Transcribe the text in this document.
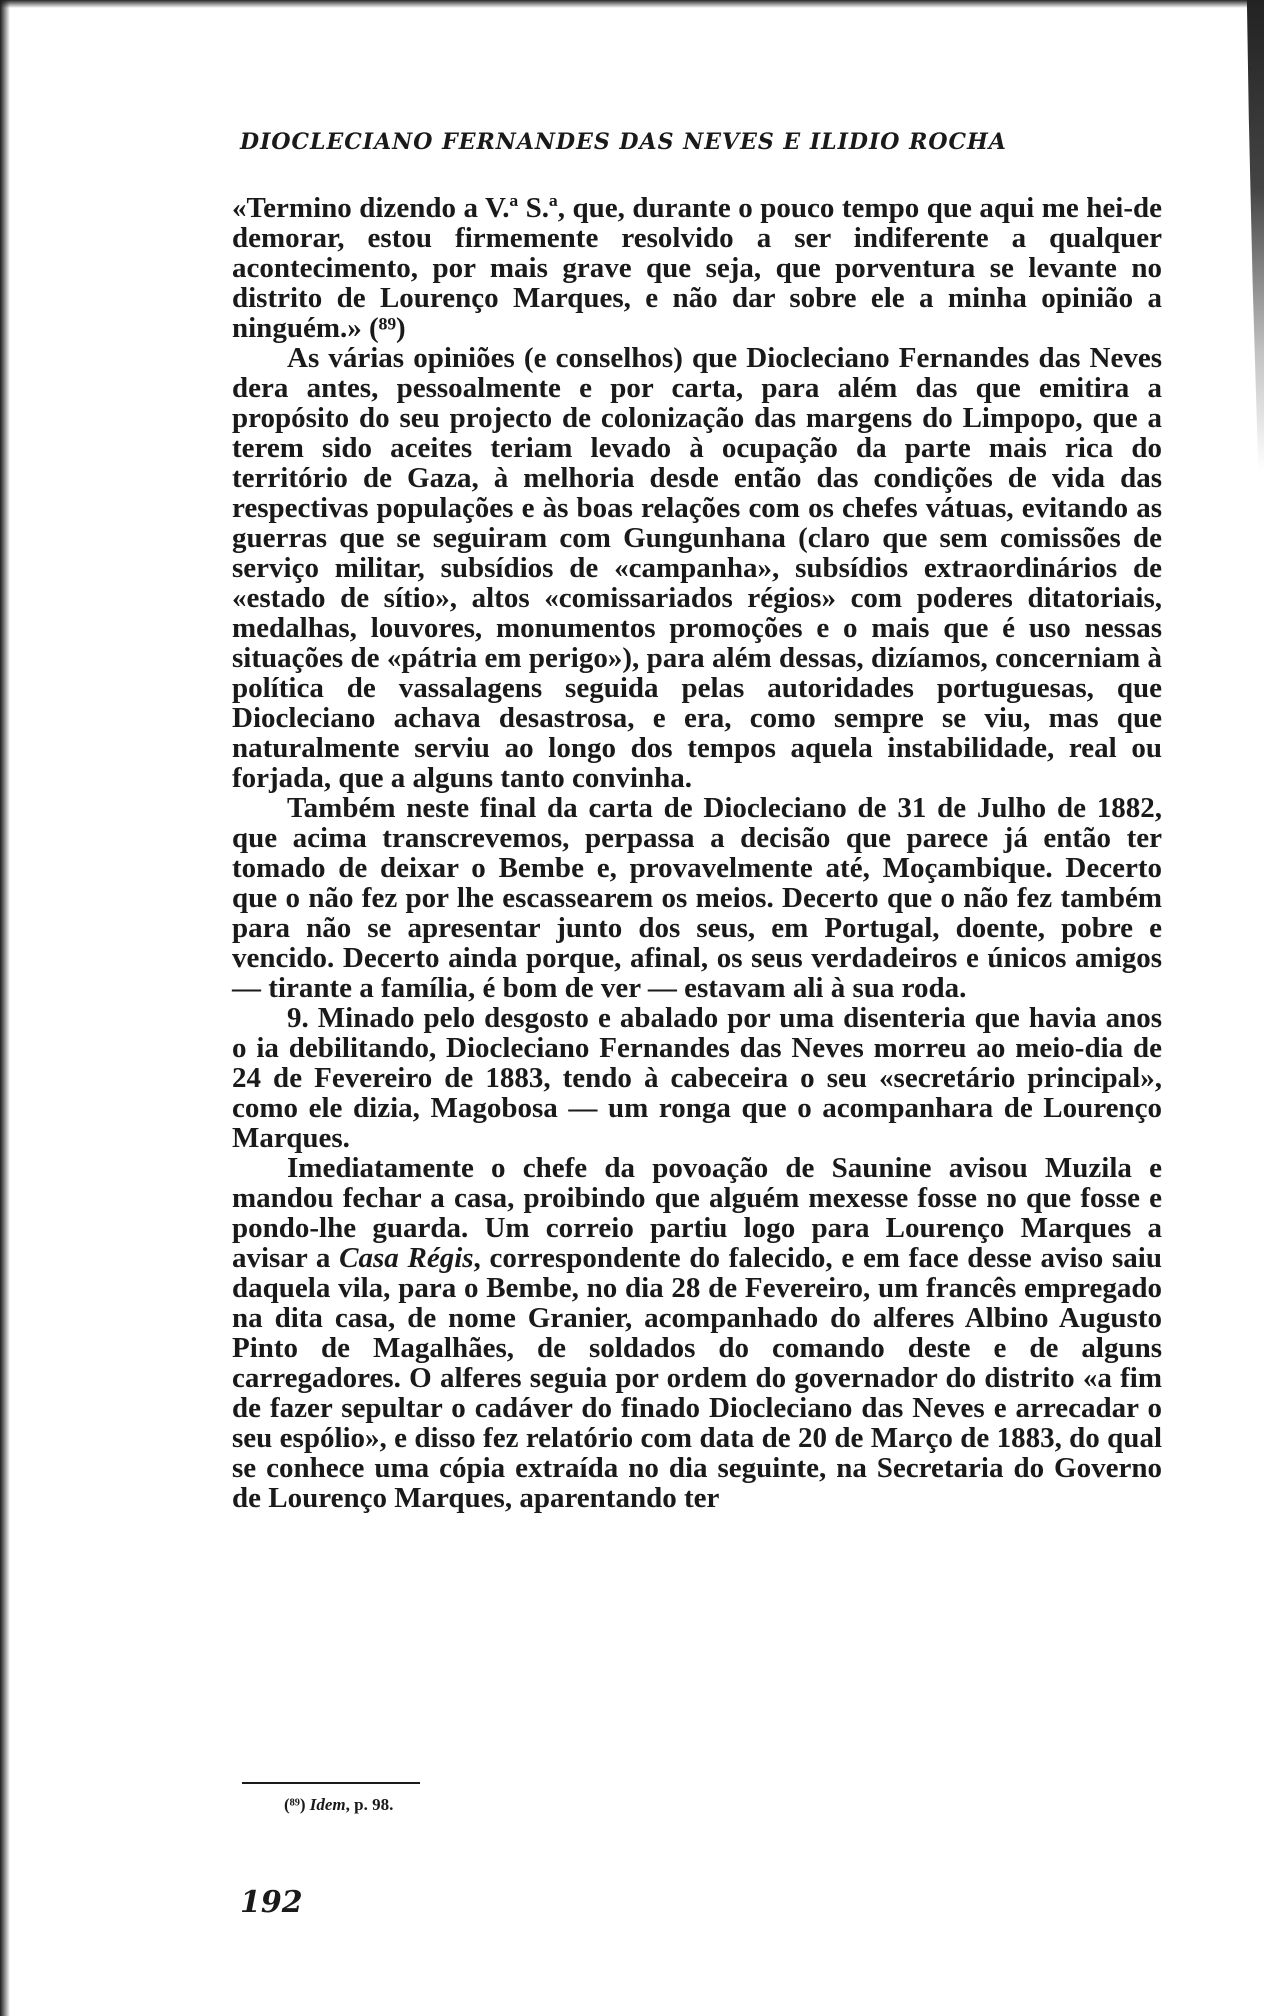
DIOCLECIANO FERNANDES DAS NEVES E ILIDIO ROCHA

«Termino dizendo a V.ª S.ª, que, durante o pouco tempo que aqui me hei-de demorar, estou firmemente resolvido a ser indiferente a qualquer acontecimento, por mais grave que seja, que porventura se levante no distrito de Lourenço Marques, e não dar sobre ele a minha opinião a ninguém.» (⁸⁹)

As várias opiniões (e conselhos) que Diocleciano Fernandes das Neves dera antes, pessoalmente e por carta, para além das que emitira a propósito do seu projecto de colonização das margens do Limpopo, que a terem sido aceites teriam levado à ocupação da parte mais rica do território de Gaza, à melhoria desde então das condições de vida das respectivas populações e às boas relações com os chefes vátuas, evitando as guerras que se seguiram com Gungunhana (claro que sem comissões de serviço militar, subsídios de «campanha», subsídios extraordinários de «estado de sítio», altos «comissariados régios» com poderes ditatoriais, medalhas, louvores, monumentos promoções e o mais que é uso nessas situações de «pátria em perigo»), para além dessas, dizíamos, concerniam à política de vassalagens seguida pelas autoridades portuguesas, que Diocleciano achava desastrosa, e era, como sempre se viu, mas que naturalmente serviu ao longo dos tempos aquela instabilidade, real ou forjada, que a alguns tanto convinha.

Também neste final da carta de Diocleciano de 31 de Julho de 1882, que acima transcrevemos, perpassa a decisão que parece já então ter tomado de deixar o Bembe e, provavelmente até, Moçambique. Decerto que o não fez por lhe escassearem os meios. Decerto que o não fez também para não se apresentar junto dos seus, em Portugal, doente, pobre e vencido. Decerto ainda porque, afinal, os seus verdadeiros e únicos amigos — tirante a família, é bom de ver — estavam ali à sua roda.

9. Minado pelo desgosto e abalado por uma disenteria que havia anos o ia debilitando, Diocleciano Fernandes das Neves morreu ao meio-dia de 24 de Fevereiro de 1883, tendo à cabeceira o seu «secretário principal», como ele dizia, Magobosa — um ronga que o acompanhara de Lourenço Marques.

Imediatamente o chefe da povoação de Saunine avisou Muzila e mandou fechar a casa, proibindo que alguém mexesse fosse no que fosse e pondo-lhe guarda. Um correio partiu logo para Lourenço Marques a avisar a Casa Régis, correspondente do falecido, e em face desse aviso saiu daquela vila, para o Bembe, no dia 28 de Fevereiro, um francês empregado na dita casa, de nome Granier, acompanhado do alferes Albino Augusto Pinto de Magalhães, de soldados do comando deste e de alguns carregadores. O alferes seguia por ordem do governador do distrito «a fim de fazer sepultar o cadáver do finado Diocleciano das Neves e arrecadar o seu espólio», e disso fez relatório com data de 20 de Março de 1883, do qual se conhece uma cópia extraída no dia seguinte, na Secretaria do Governo de Lourenço Marques, aparentando ter

(⁸⁹) Idem, p. 98.
192
